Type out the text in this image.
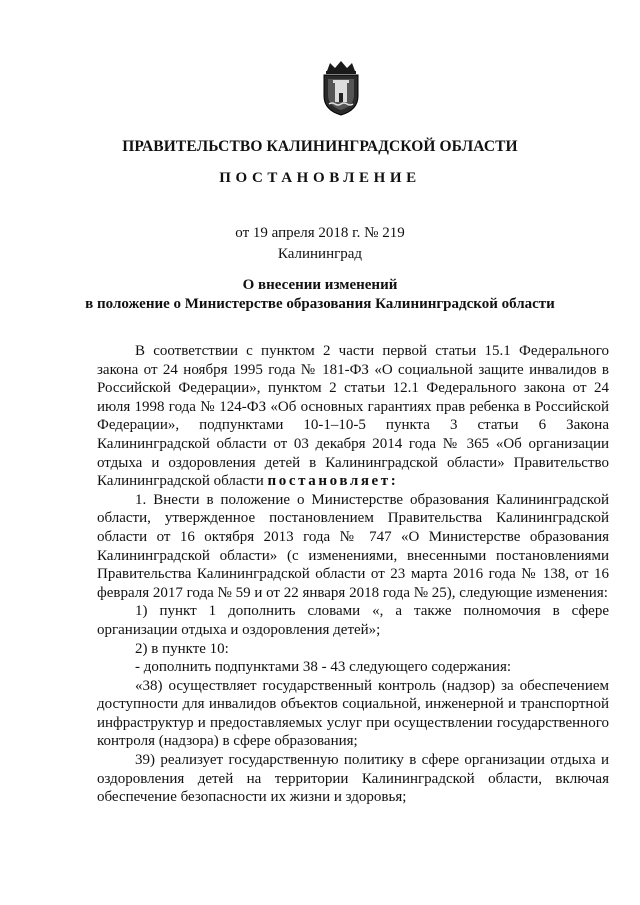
ПРАВИТЕЛЬСТВО КАЛИНИНГРАДСКОЙ ОБЛАСТИ
ПОСТАНОВЛЕНИЕ
от 19 апреля 2018 г. № 219
Калининград
О внесении изменений
в положение о Министерстве образования Калининградской области

В соответствии с пунктом 2 части первой статьи 15.1 Федерального закона от 24 ноября 1995 года № 181-ФЗ «О социальной защите инвалидов в Российской Федерации», пунктом 2 статьи 12.1 Федерального закона от 24 июля 1998 года № 124-ФЗ «Об основных гарантиях прав ребенка в Российской Федерации», подпунктами 10-1–10-5 пункта 3 статьи 6 Закона Калининградской области от 03 декабря 2014 года № 365 «Об организации отдыха и оздоровления детей в Калининградской области» Правительство Калининградской области постановляет:

1. Внести в положение о Министерстве образования Калининградской области, утвержденное постановлением Правительства Калининградской области от 16 октября 2013 года № 747 «О Министерстве образования Калининградской области» (с изменениями, внесенными постановлениями Правительства Калининградской области от 23 марта 2016 года № 138, от 16 февраля 2017 года № 59 и от 22 января 2018 года № 25), следующие изменения:

1) пункт 1 дополнить словами «, а также полномочия в сфере организации отдыха и оздоровления детей»;

2) в пункте 10:

- дополнить подпунктами 38 - 43 следующего содержания:

«38) осуществляет государственный контроль (надзор) за обеспечением доступности для инвалидов объектов социальной, инженерной и транспортной инфраструктур и предоставляемых услуг при осуществлении государственного контроля (надзора) в сфере образования;

39) реализует государственную политику в сфере организации отдыха и оздоровления детей на территории Калининградской области, включая обеспечение безопасности их жизни и здоровья;
